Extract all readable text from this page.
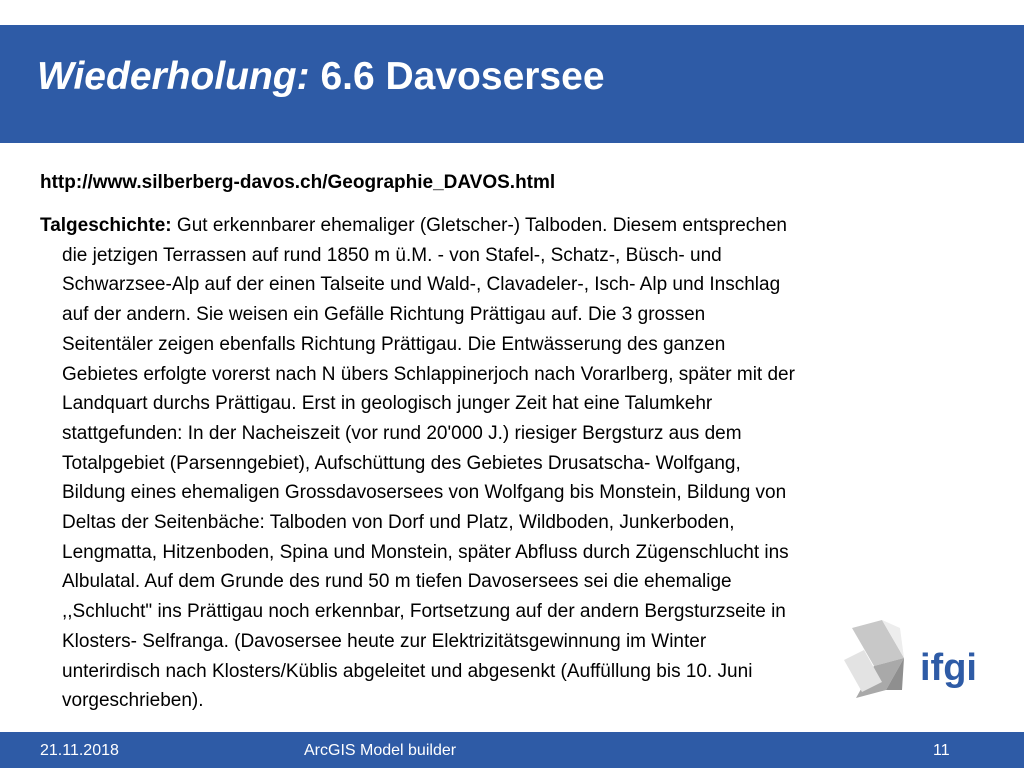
Wiederholung: 6.6 Davosersee
http://www.silberberg-davos.ch/Geographie_DAVOS.html
Talgeschichte: Gut erkennbarer ehemaliger (Gletscher-) Talboden. Diesem entsprechen
die jetzigen Terrassen auf rund 1850 m ü.M. - von Stafel-, Schatz-, Büsch- und
Schwarzsee-Alp auf der einen Talseite und Wald-, Clavadeler-, Isch- Alp und Inschlag
auf der andern. Sie weisen ein Gefälle Richtung Prättigau auf. Die 3 grossen
Seitentäler zeigen ebenfalls Richtung Prättigau. Die Entwässerung des ganzen
Gebietes erfolgte vorerst nach N übers Schlappinerjoch nach Vorarlberg, später mit der
Landquart durchs Prättigau. Erst in geologisch junger Zeit hat eine Talumkehr
stattgefunden: In der Nacheiszeit (vor rund 20'000 J.) riesiger Bergsturz aus dem
Totalpgebiet (Parsenngebiet), Aufschüttung des Gebietes Drusatscha- Wolfgang,
Bildung eines ehemaligen Grossdavosersees von Wolfgang bis Monstein, Bildung von
Deltas der Seitenbäche: Talboden von Dorf und Platz, Wildboden, Junkerboden,
Lengmatta, Hitzenboden, Spina und Monstein, später Abfluss durch Zügenschlucht ins
Albulatal. Auf dem Grunde des rund 50 m tiefen Davosersees sei die ehemalige
,,Schlucht" ins Prättigau noch erkennbar, Fortsetzung auf der andern Bergsturzseite in
Klosters- Selfranga. (Davosersee heute zur Elektrizitätsgewinnung im Winter
unterirdisch nach Klosters/Küblis abgeleitet und abgesenkt (Auffüllung bis 10. Juni
vorgeschrieben).
ifgi
21.11.2018	ArcGIS Model builder	11
